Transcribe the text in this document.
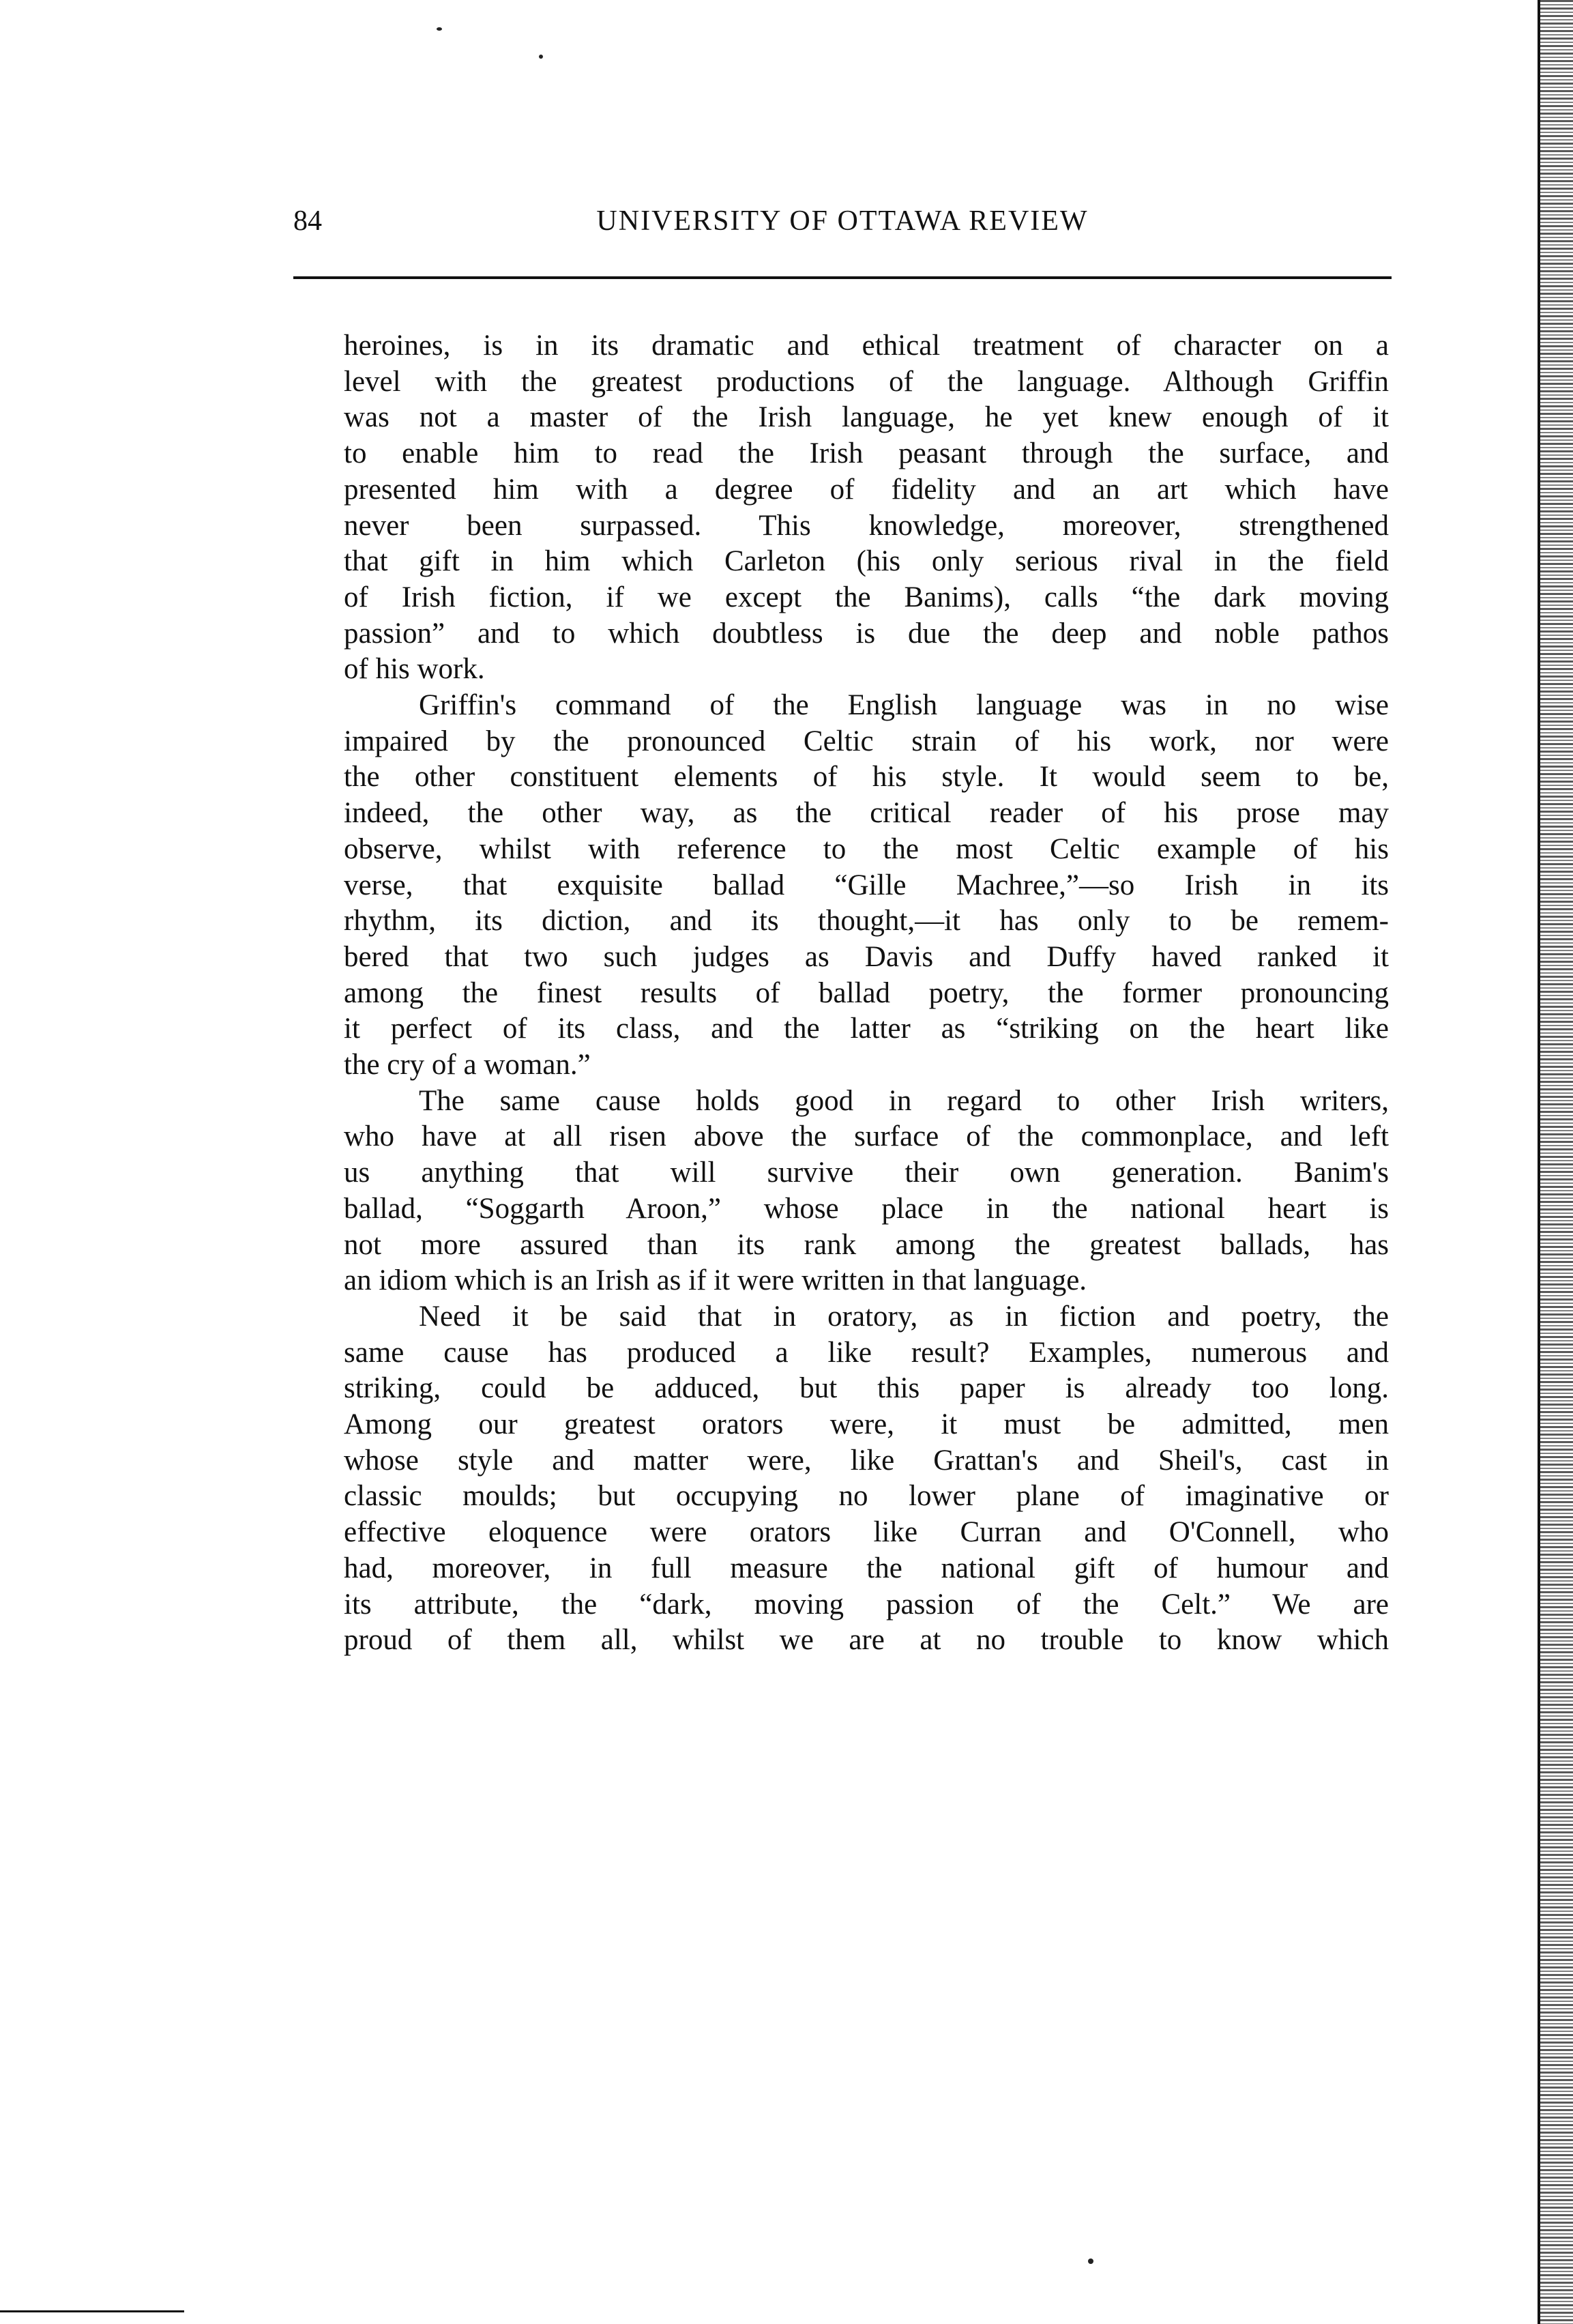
84	UNIVERSITY OF OTTAWA REVIEW
heroines, is in its dramatic and ethical treatment of character on a
level with the greatest productions of the language. Although Griffin
was not a master of the Irish language, he yet knew enough of it
to enable him to read the Irish peasant through the surface, and
presented him with a degree of fidelity and an art which have
never been surpassed. This knowledge, moreover, strengthened
that gift in him which Carleton (his only serious rival in the field
of Irish fiction, if we except the Banims), calls “the dark moving
passion” and to which doubtless is due the deep and noble pathos
of his work.
Griffin's command of the English language was in no wise
impaired by the pronounced Celtic strain of his work, nor were
the other constituent elements of his style. It would seem to be,
indeed, the other way, as the critical reader of his prose may
observe, whilst with reference to the most Celtic example of his
verse, that exquisite ballad “Gille Machree,”—so Irish in its
rhythm, its diction, and its thought,—it has only to be remem-
bered that two such judges as Davis and Duffy haved ranked it
among the finest results of ballad poetry, the former pronouncing
it perfect of its class, and the latter as “striking on the heart like
the cry of a woman.”
The same cause holds good in regard to other Irish writers,
who have at all risen above the surface of the commonplace, and left
us anything that will survive their own generation. Banim's
ballad, “Soggarth Aroon,” whose place in the national heart is
not more assured than its rank among the greatest ballads, has
an idiom which is an Irish as if it were written in that language.
Need it be said that in oratory, as in fiction and poetry, the
same cause has produced a like result? Examples, numerous and
striking, could be adduced, but this paper is already too long.
Among our greatest orators were, it must be admitted, men
whose style and matter were, like Grattan's and Sheil's, cast in
classic moulds; but occupying no lower plane of imaginative or
effective eloquence were orators like Curran and O'Connell, who
had, moreover, in full measure the national gift of humour and
its attribute, the “dark, moving passion of the Celt.” We are
proud of them all, whilst we are at no trouble to know which
